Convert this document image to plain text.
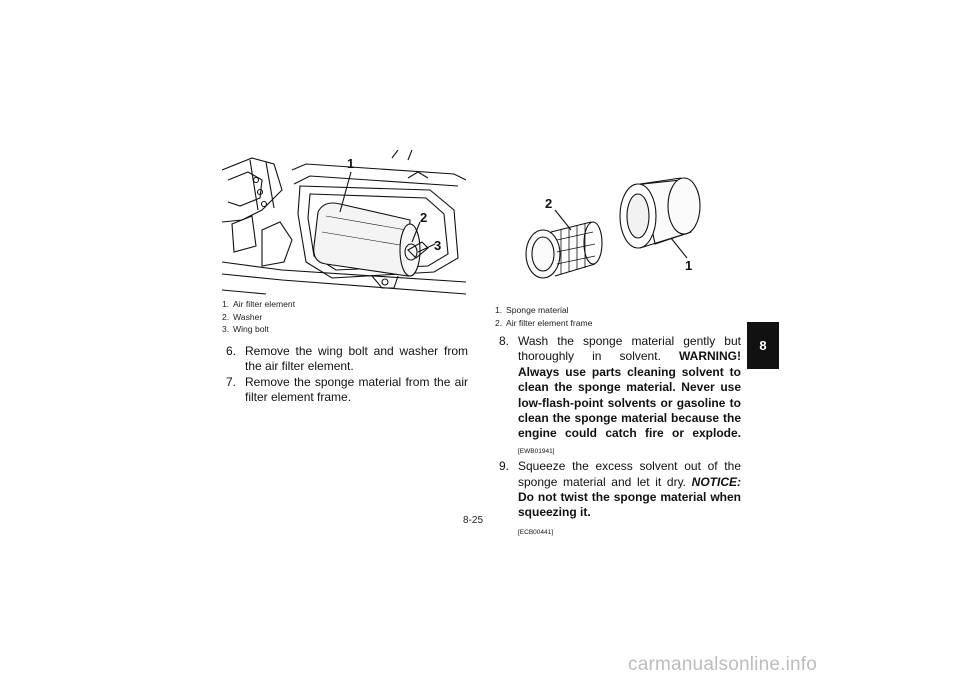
1
2
3
1. Air filter element
2. Washer
3. Wing bolt
6. Remove the wing bolt and washer from the air filter element.
7. Remove the sponge material from the air filter element frame.
2
1
1. Sponge material
2. Air filter element frame
8. Wash the sponge material gently but thoroughly in solvent. WARNING! Always use parts cleaning solvent to clean the sponge material. Never use low-flash-point solvents or gasoline to clean the sponge material because the engine could catch fire or explode. [EWB01941]
9. Squeeze the excess solvent out of the sponge material and let it dry. NOTICE: Do not twist the sponge material when squeezing it.
[ECB00441]
8
8-25
carmanualsonline.info
